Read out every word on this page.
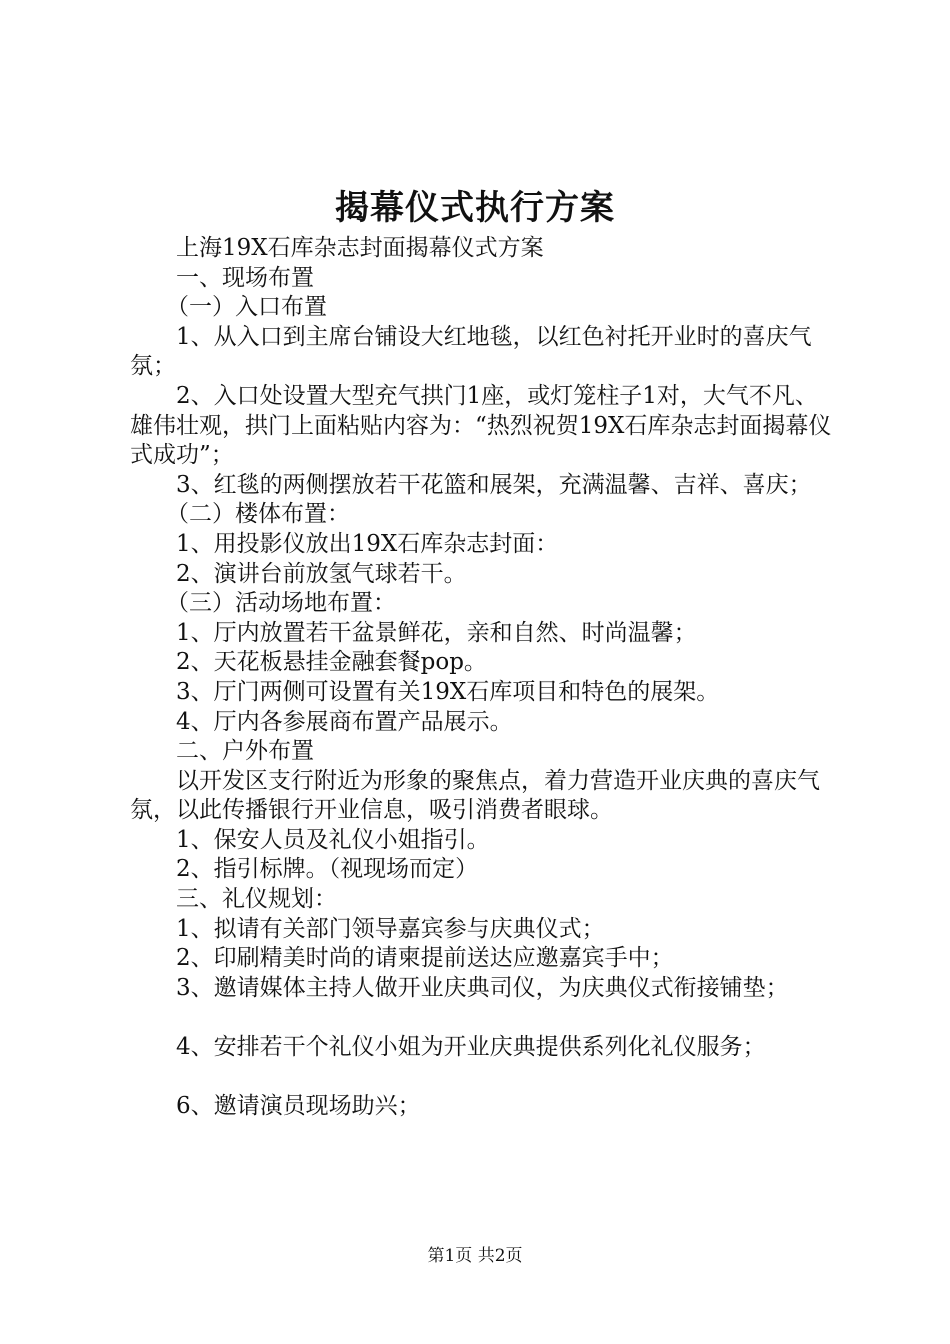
揭幕仪式执行方案

上海19X石库杂志封面揭幕仪式方案

一、现场布置

（一）入口布置

1、从入口到主席台铺设大红地毯，以红色衬托开业时的喜庆气氛；

2、入口处设置大型充气拱门1座，或灯笼柱子1对，大气不凡、雄伟壮观，拱门上面粘贴内容为：“热烈祝贺19X石库杂志封面揭幕仪式成功”；

3、红毯的两侧摆放若干花篮和展架，充满温馨、吉祥、喜庆；

（二）楼体布置：

1、用投影仪放出19X石库杂志封面：

2、演讲台前放氢气球若干。

（三）活动场地布置：

1、厅内放置若干盆景鲜花，亲和自然、时尚温馨；

2、天花板悬挂金融套餐pop。

3、厅门两侧可设置有关19X石库项目和特色的展架。

4、厅内各参展商布置产品展示。

二、户外布置

以开发区支行附近为形象的聚焦点，着力营造开业庆典的喜庆气氛，以此传播银行开业信息，吸引消费者眼球。

1、保安人员及礼仪小姐指引。

2、指引标牌。（视现场而定）

三、礼仪规划：

1、拟请有关部门领导嘉宾参与庆典仪式；

2、印刷精美时尚的请柬提前送达应邀嘉宾手中；

3、邀请媒体主持人做开业庆典司仪，为庆典仪式衔接铺垫；

4、安排若干个礼仪小姐为开业庆典提供系列化礼仪服务；

6、邀请演员现场助兴；

第1页 共2页
